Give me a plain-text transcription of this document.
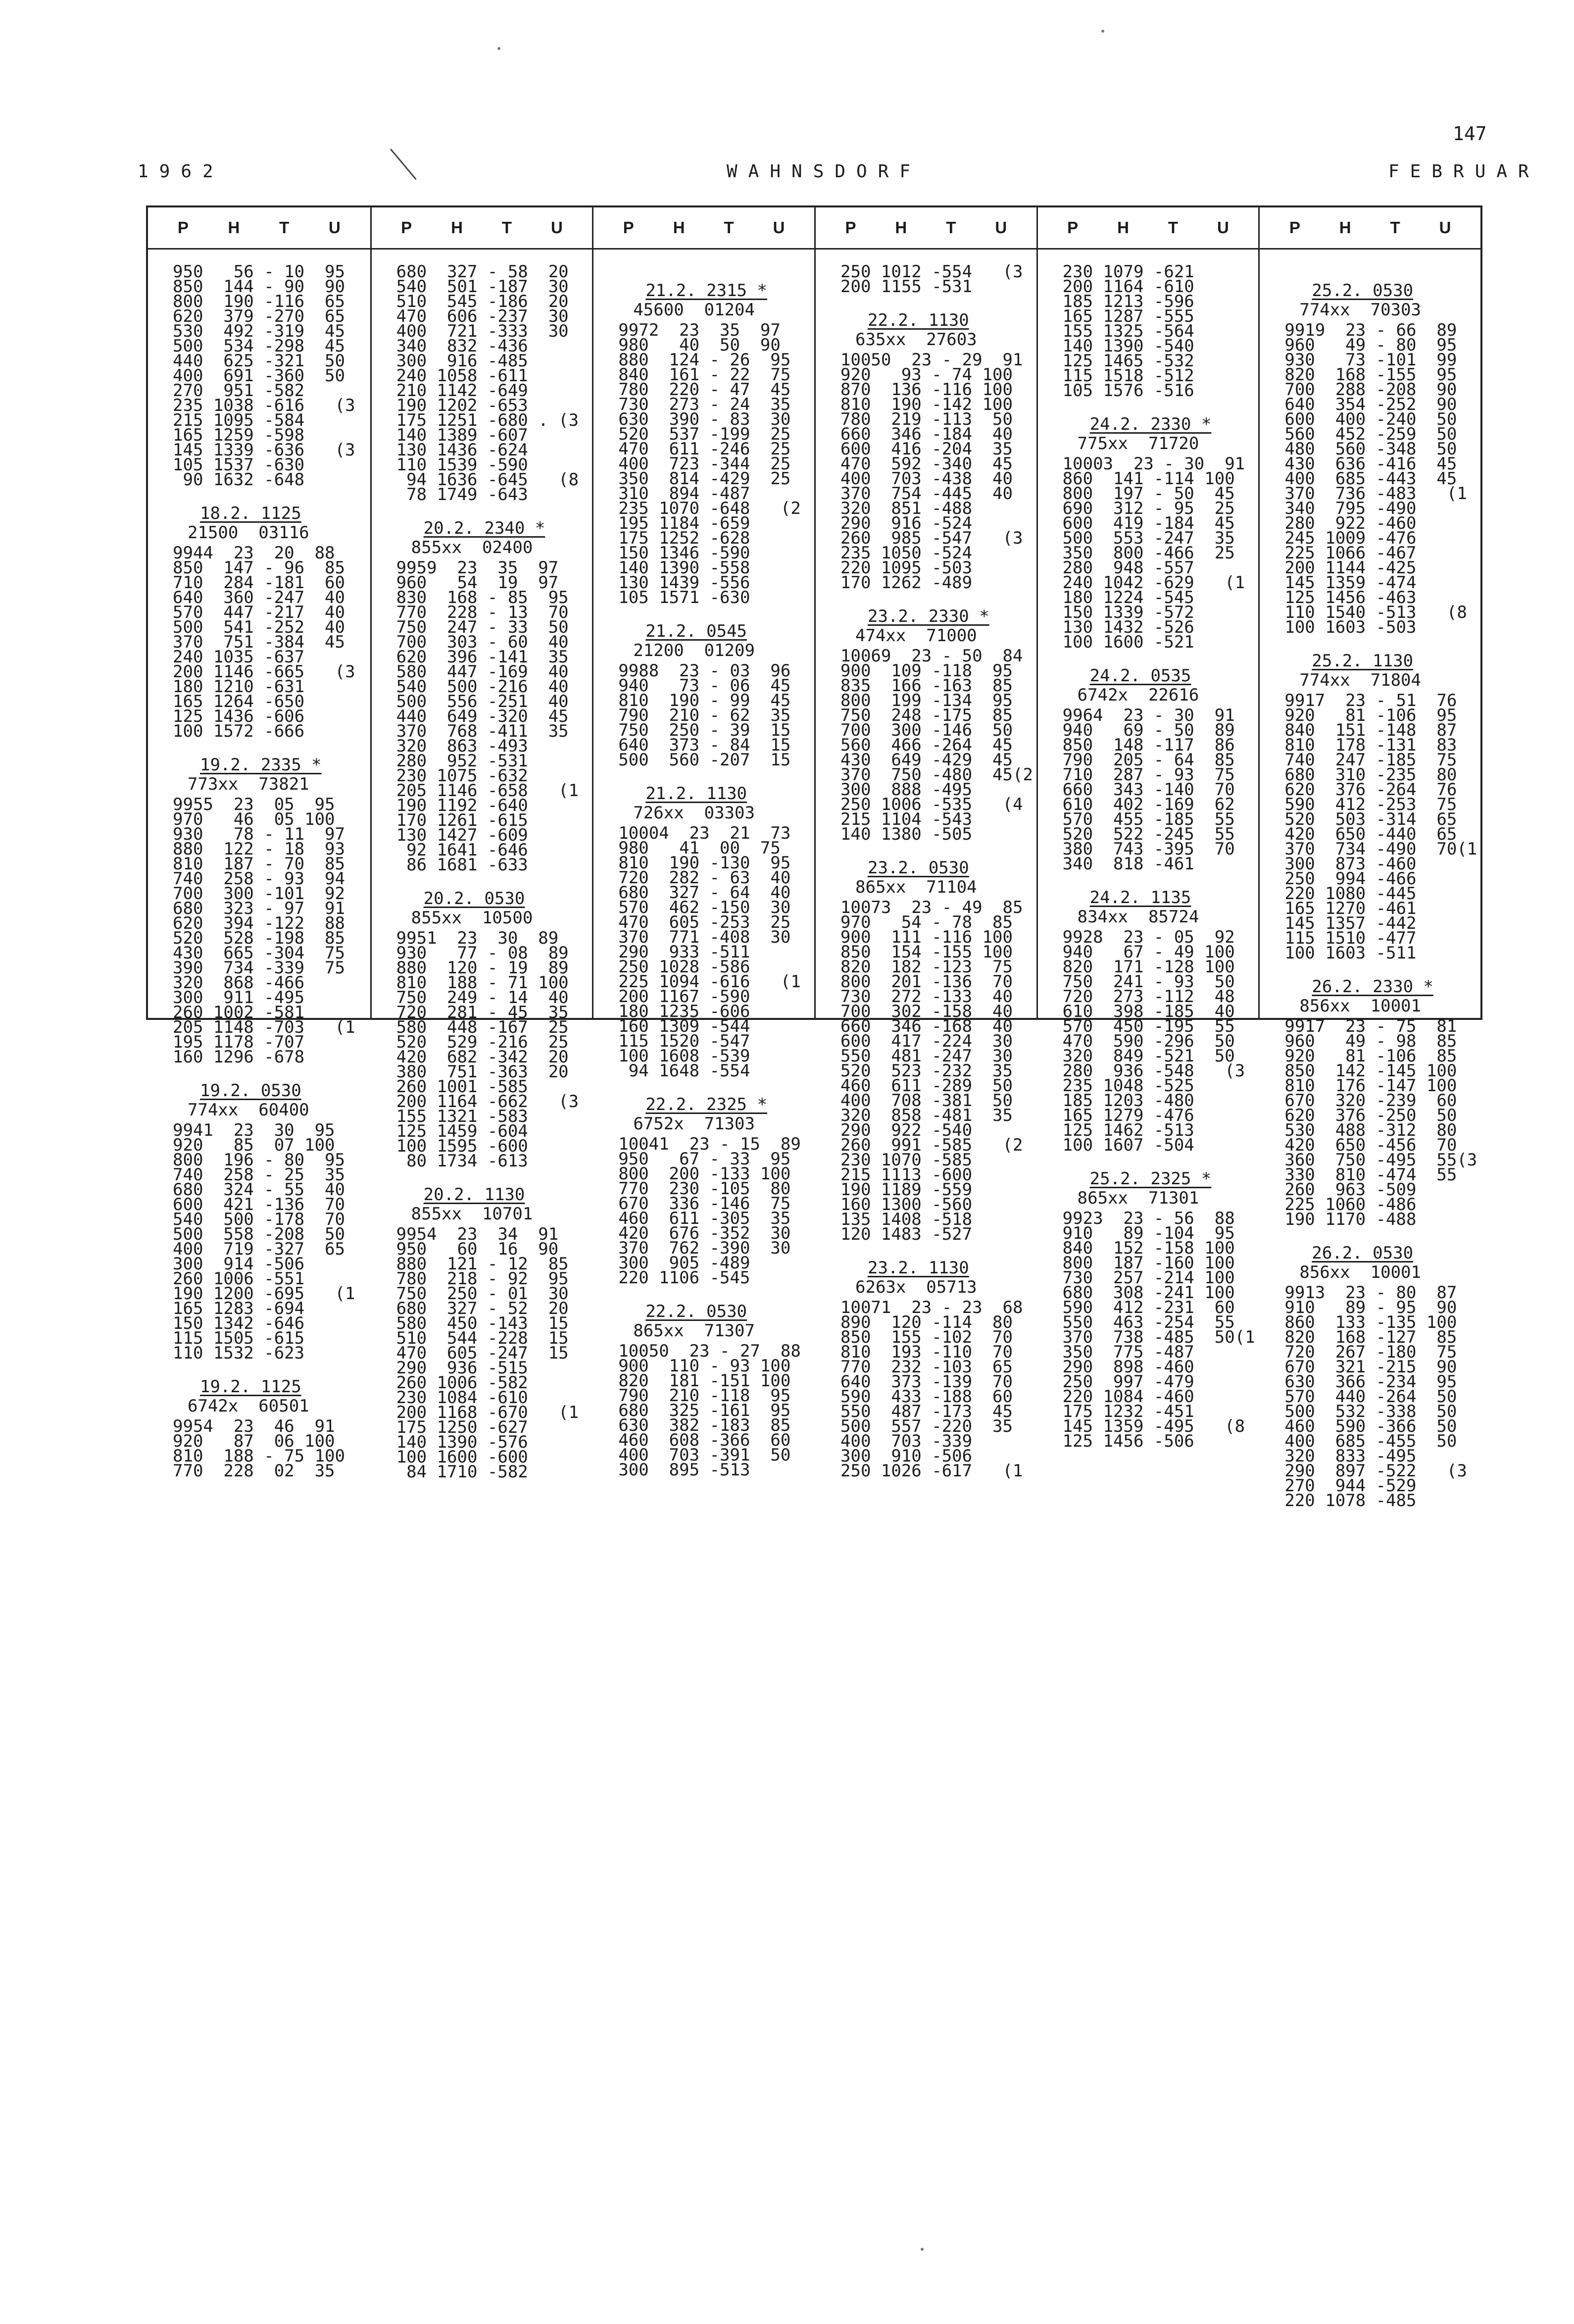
147
1962	WAHNSDORF	FEBRUAR
P H T U
950   56 - 10  95
850  144 - 90  90
800  190 -116  65
620  379 -270  65
530  492 -319  45
500  534 -298  45
440  625 -321  50
400  691 -360  50
270  951 -582
235 1038 -616   (3
215 1095 -584
165 1259 -598
145 1339 -636   (3
105 1537 -630
90 1632 -648
18.2. 1125
21500  03116
9944  23  20  88
850  147 - 96  85
710  284 -181  60
640  360 -247  40
570  447 -217  40
500  541 -252  40
370  751 -384  45
240 1035 -637
200 1146 -665   (3
180 1210 -631
165 1264 -650
125 1436 -606
100 1572 -666
19.2. 2335 *
773xx  73821
9955  23  05  95
970   46  05 100
930   78 - 11  97
880  122 - 18  93
810  187 - 70  85
740  258 - 93  94
700  300 -101  92
680  323 - 97  91
620  394 -122  88
520  528 -198  85
430  665 -304  75
390  734 -339  75
320  868 -466
300  911 -495
260 1002 -581
205 1148 -703   (1
195 1178 -707
160 1296 -678
19.2. 0530
774xx  60400
9941  23  30  95
920   85  07 100
800  196 - 80  95
740  258 - 25  35
680  324 - 55  40
600  421 -136  70
540  500 -178  70
500  558 -208  50
400  719 -327  65
300  914 -506
260 1006 -551
190 1200 -695   (1
165 1283 -694
150 1342 -646
115 1505 -615
110 1532 -623
19.2. 1125
6742x  60501
9954  23  46  91
920   87  06 100
810  188 - 75 100
770  228  02  35
P H T U
680  327 - 58  20
540  501 -187  30
510  545 -186  20
470  606 -237  30
400  721 -333  30
340  832 -436
300  916 -485
240 1058 -611
210 1142 -649
190 1202 -653
175 1251 -680 . (3
140 1389 -607
130 1436 -624
110 1539 -590
94 1636 -645   (8
78 1749 -643
20.2. 2340 *
855xx  02400
9959  23  35  97
960   54  19  97
830  168 - 85  95
770  228 - 13  70
750  247 - 33  50
700  303 - 60  40
620  396 -141  35
580  447 -169  40
540  500 -216  40
500  556 -251  40
440  649 -320  45
370  768 -411  35
320  863 -493
280  952 -531
230 1075 -632
205 1146 -658   (1
190 1192 -640
170 1261 -615
130 1427 -609
92 1641 -646
86 1681 -633
20.2. 0530
855xx  10500
9951  23  30  89
930   77 - 08  89
880  120 - 19  89
810  188 - 71 100
750  249 - 14  40
720  281 - 45  35
580  448 -167  25
520  529 -216  25
420  682 -342  20
380  751 -363  20
260 1001 -585
200 1164 -662   (3
155 1321 -583
125 1459 -604
100 1595 -600
80 1734 -613
20.2. 1130
855xx  10701
9954  23  34  91
950   60  16  90
880  121 - 12  85
780  218 - 92  95
750  250 - 01  30
680  327 - 52  20
580  450 -143  15
510  544 -228  15
470  605 -247  15
290  936 -515
260 1006 -582
230 1084 -610
200 1168 -670   (1
175 1250 -627
140 1390 -576
100 1600 -600
84 1710 -582
P H T U
21.2. 2315 *
45600  01204
9972  23  35  97
980   40  50  90
880  124 - 26  95
840  161 - 22  75
780  220 - 47  45
730  273 - 24  35
630  390 - 83  30
520  537 -199  25
470  611 -246  25
400  723 -344  25
350  814 -429  25
310  894 -487
235 1070 -648   (2
195 1184 -659
175 1252 -628
150 1346 -590
140 1390 -558
130 1439 -556
105 1571 -630
21.2. 0545
21200  01209
9988  23 - 03  96
940   73 - 06  45
810  190 - 99  45
790  210 - 62  35
750  250 - 39  15
640  373 - 84  15
500  560 -207  15
21.2. 1130
726xx  03303
10004  23  21  73
980   41  00  75
810  190 -130  95
720  282 - 63  40
680  327 - 64  40
570  462 -150  30
470  605 -253  25
370  771 -408  30
290  933 -511
250 1028 -586
225 1094 -616   (1
200 1167 -590
180 1235 -606
160 1309 -544
115 1520 -547
100 1608 -539
94 1648 -554
22.2. 2325 *
6752x  71303
10041  23 - 15  89
950   67 - 33  95
800  200 -133 100
770  230 -105  80
670  336 -146  75
460  611 -305  35
420  676 -352  30
370  762 -390  30
300  905 -489
220 1106 -545
22.2. 0530
865xx  71307
10050  23 - 27  88
900  110 - 93 100
820  181 -151 100
790  210 -118  95
680  325 -161  95
630  382 -183  85
460  608 -366  60
400  703 -391  50
300  895 -513
P H T U
250 1012 -554   (3
200 1155 -531
22.2. 1130
635xx  27603
10050  23 - 29  91
920   93 - 74 100
870  136 -116 100
810  190 -142 100
780  219 -113  50
660  346 -184  40
600  416 -204  35
470  592 -340  45
400  703 -438  40
370  754 -445  40
320  851 -488
290  916 -524
260  985 -547   (3
235 1050 -524
220 1095 -503
170 1262 -489
23.2. 2330 *
474xx  71000
10069  23 - 50  84
900  109 -118  95
835  166 -163  85
800  199 -134  95
750  248 -175  85
700  300 -146  50
560  466 -264  45
430  649 -429  45
370  750 -480  45(2
300  888 -495
250 1006 -535   (4
215 1104 -543
140 1380 -505
23.2. 0530
865xx  71104
10073  23 - 49  85
970   54 - 78  85
900  111 -116 100
850  154 -155 100
820  182 -123  75
800  201 -136  70
730  272 -133  40
700  302 -158  40
660  346 -168  40
600  417 -224  30
550  481 -247  30
520  523 -232  35
460  611 -289  50
400  708 -381  50
320  858 -481  35
290  922 -540
260  991 -585   (2
230 1070 -585
215 1113 -600
190 1189 -559
160 1300 -560
135 1408 -518
120 1483 -527
23.2. 1130
6263x  05713
10071  23 - 23  68
890  120 -114  80
850  155 -102  70
810  193 -110  70
770  232 -103  65
640  373 -139  70
590  433 -188  60
550  487 -173  45
500  557 -220  35
400  703 -339
300  910 -506
250 1026 -617   (1
P H T U
230 1079 -621
200 1164 -610
185 1213 -596
165 1287 -555
155 1325 -564
140 1390 -540
125 1465 -532
115 1518 -512
105 1576 -516
24.2. 2330 *
775xx  71720
10003  23 - 30  91
860  141 -114 100
800  197 - 50  45
690  312 - 95  25
600  419 -184  45
500  553 -247  35
350  800 -466  25
280  948 -557
240 1042 -629   (1
180 1224 -545
150 1339 -572
130 1432 -526
100 1600 -521
24.2. 0535
6742x  22616
9964  23 - 30  91
940   69 - 50  89
850  148 -117  86
790  205 - 64  85
710  287 - 93  75
660  343 -140  70
610  402 -169  62
570  455 -185  55
520  522 -245  55
380  743 -395  70
340  818 -461
24.2. 1135
834xx  85724
9928  23 - 05  92
940   67 - 49 100
820  171 -128 100
750  241 - 93  50
720  273 -112  48
610  398 -185  40
570  450 -195  55
470  590 -296  50
320  849 -521  50
280  936 -548   (3
235 1048 -525
185 1203 -480
165 1279 -476
125 1462 -513
100 1607 -504
25.2. 2325 *
865xx  71301
9923  23 - 56  88
910   89 -104  95
840  152 -158 100
800  187 -160 100
730  257 -214 100
680  308 -241 100
590  412 -231  60
550  463 -254  55
370  738 -485  50(1
350  775 -487
290  898 -460
250  997 -479
220 1084 -460
175 1232 -451
145 1359 -495   (8
125 1456 -506
P H T U
25.2. 0530
774xx  70303
9919  23 - 66  89
960   49 - 80  95
930   73 -101  99
820  168 -155  95
700  288 -208  90
640  354 -252  90
600  400 -240  50
560  452 -259  50
480  560 -348  50
430  636 -416  45
400  685 -443  45
370  736 -483   (1
340  795 -490
280  922 -460
245 1009 -476
225 1066 -467
200 1144 -425
145 1359 -474
125 1456 -463
110 1540 -513   (8
100 1603 -503
25.2. 1130
774xx  71804
9917  23 - 51  76
920   81 -106  95
840  151 -148  87
810  178 -131  83
740  247 -185  75
680  310 -235  80
620  376 -264  76
590  412 -253  75
520  503 -314  65
420  650 -440  65
370  734 -490  70(1
300  873 -460
250  994 -466
220 1080 -445
165 1270 -461
145 1357 -442
115 1510 -477
100 1603 -511
26.2. 2330 *
856xx  10001
9917  23 - 75  81
960   49 - 98  85
920   81 -106  85
850  142 -145 100
810  176 -147 100
670  320 -239  60
620  376 -250  50
530  488 -312  80
420  650 -456  70
360  750 -495  55(3
330  810 -474  55
260  963 -509
225 1060 -486
190 1170 -488
26.2. 0530
856xx  10001
9913  23 - 80  87
910   89 - 95  90
860  133 -135 100
820  168 -127  85
720  267 -180  75
670  321 -215  90
630  366 -234  95
570  440 -264  50
500  532 -338  50
460  590 -366  50
400  685 -455  50
320  833 -495
290  897 -522   (3
270  944 -529
220 1078 -485
